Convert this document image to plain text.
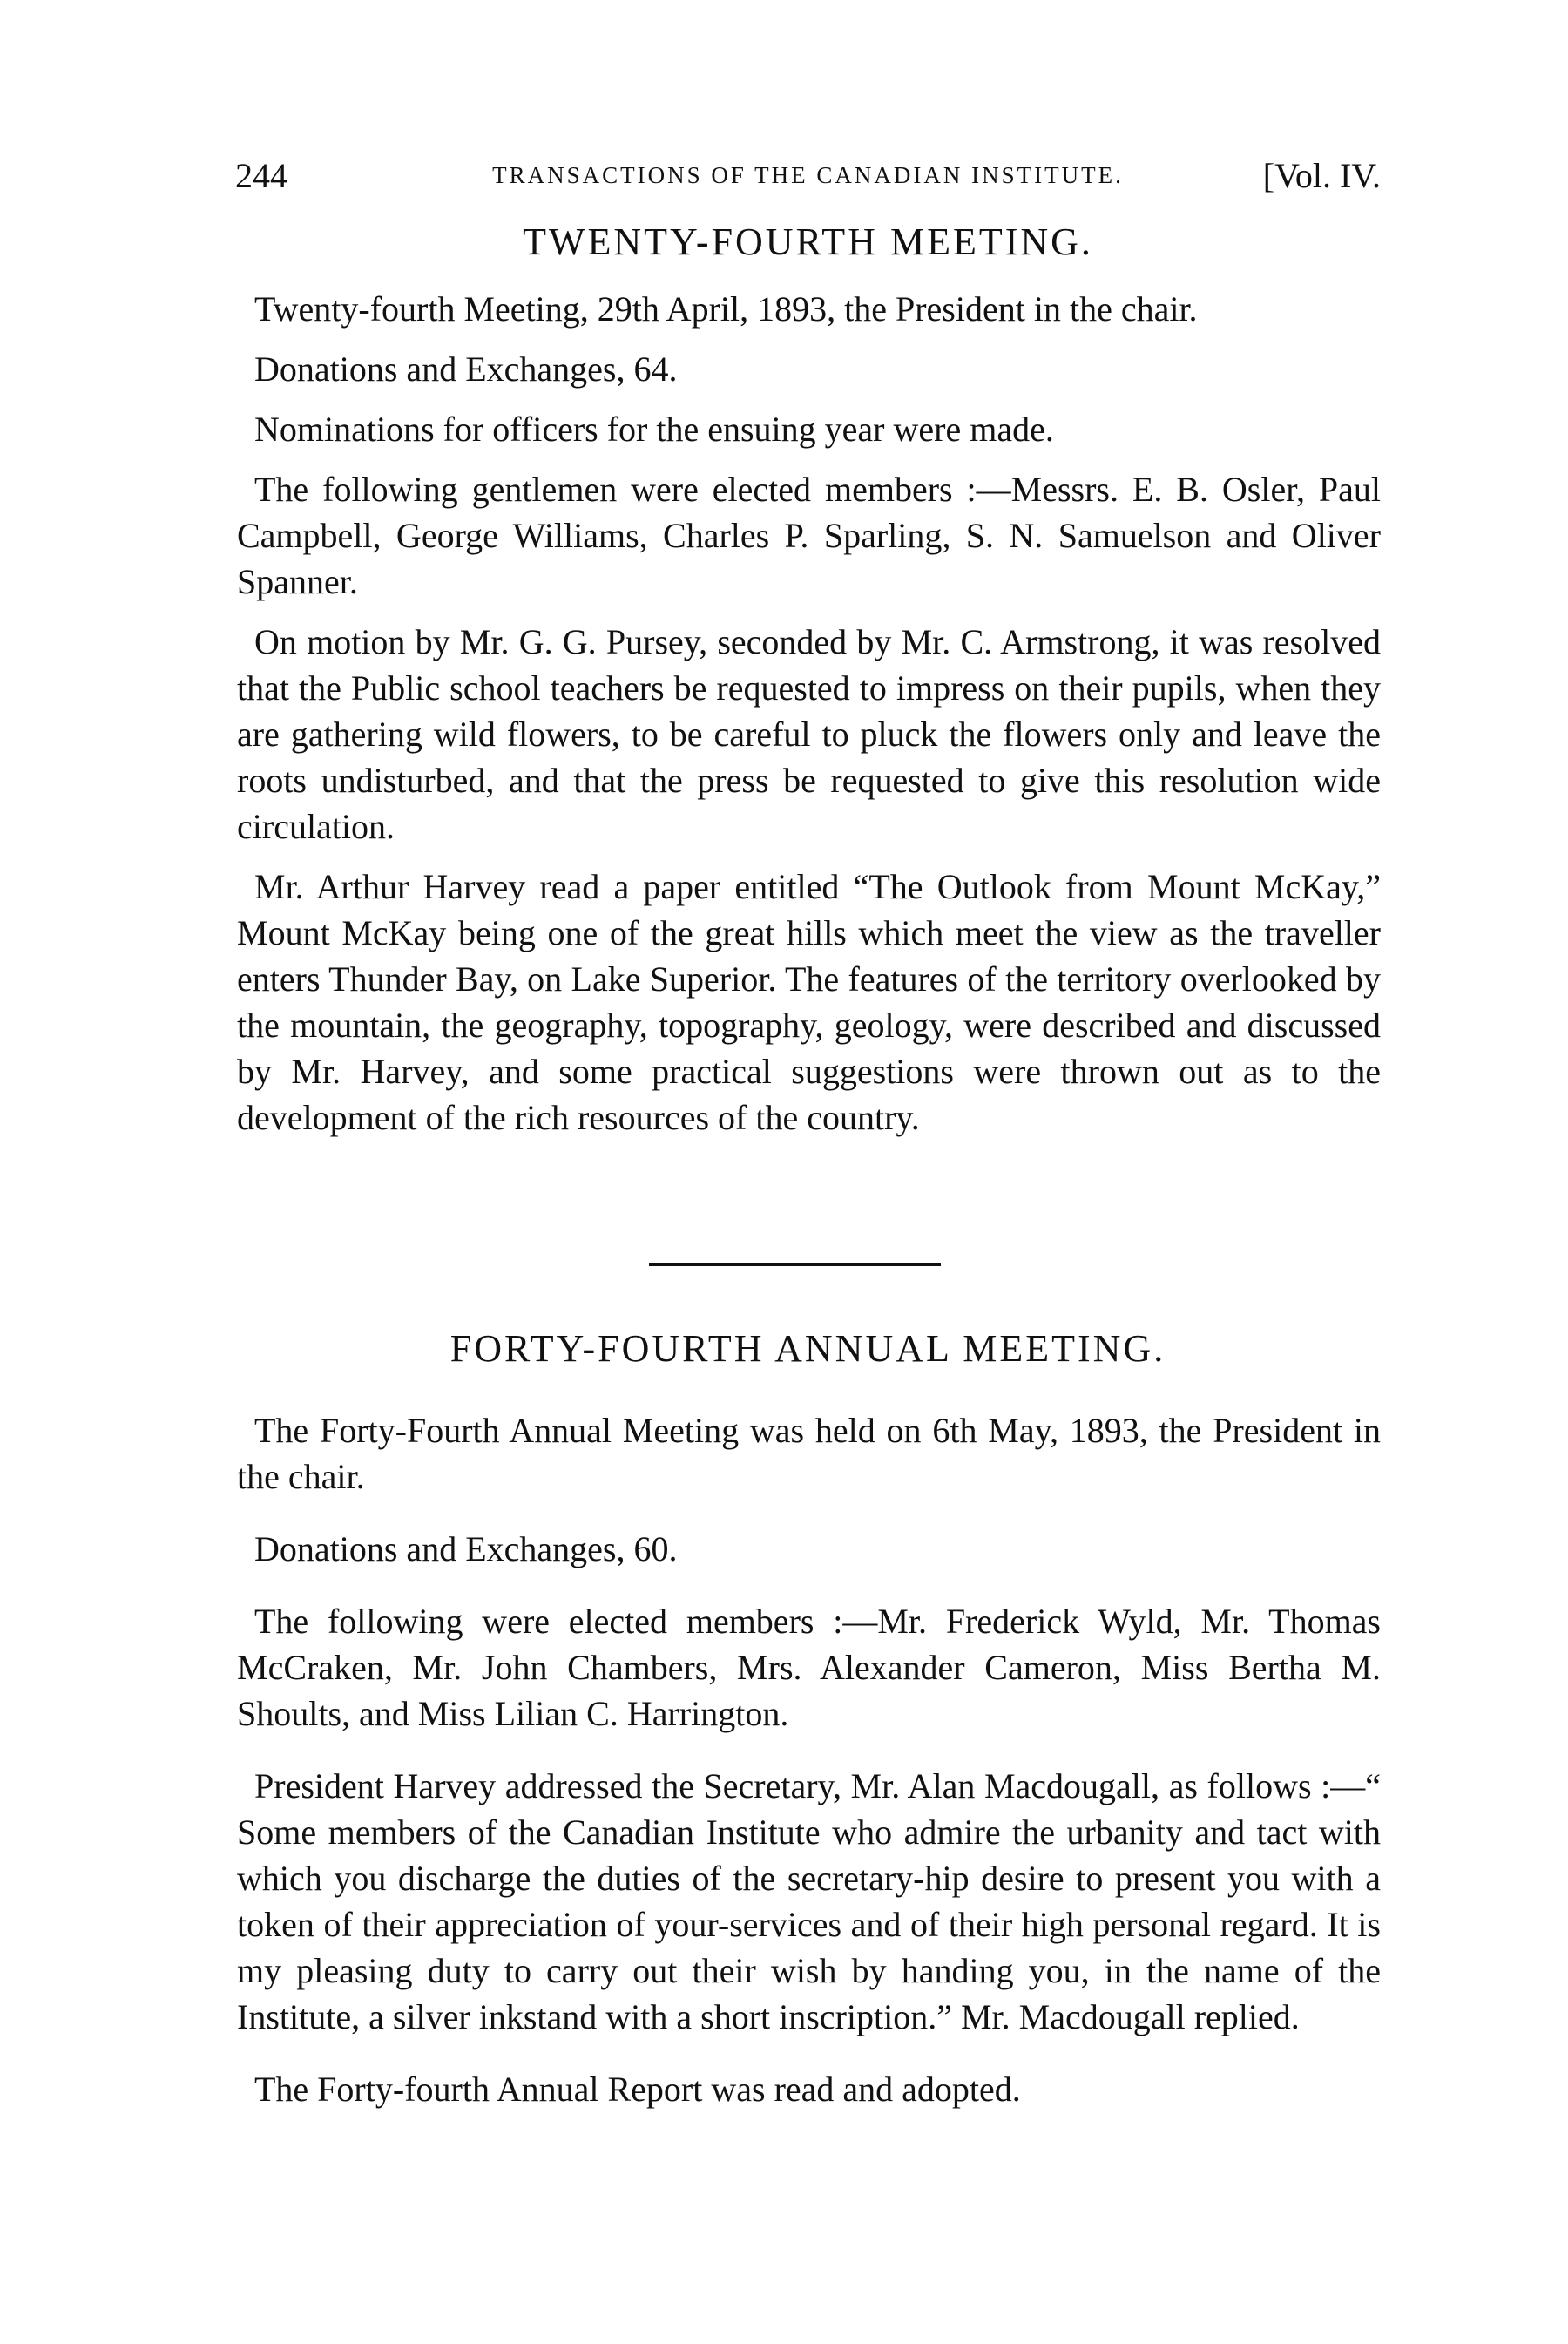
244	TRANSACTIONS OF THE CANADIAN INSTITUTE.	[Vol. IV.
TWENTY-FOURTH MEETING.

Twenty-fourth Meeting, 29th April, 1893, the President in the chair.

Donations and Exchanges, 64.

Nominations for officers for the ensuing year were made.

The following gentlemen were elected members :—Messrs. E. B. Osler, Paul Campbell, George Williams, Charles P. Sparling, S. N. Samuelson and Oliver Spanner.

On motion by Mr. G. G. Pursey, seconded by Mr. C. Armstrong, it was resolved that the Public school teachers be requested to impress on their pupils, when they are gathering wild flowers, to be careful to pluck the flowers only and leave the roots undisturbed, and that the press be requested to give this resolution wide circulation.

Mr. Arthur Harvey read a paper entitled “The Outlook from Mount McKay,” Mount McKay being one of the great hills which meet the view as the traveller enters Thunder Bay, on Lake Superior. The features of the territory overlooked by the mountain, the geography, topography, geology, were described and discussed by Mr. Harvey, and some practical suggestions were thrown out as to the development of the rich resources of the country.

FORTY-FOURTH ANNUAL MEETING.

The Forty-Fourth Annual Meeting was held on 6th May, 1893, the President in the chair.

Donations and Exchanges, 60.

The following were elected members :—Mr. Frederick Wyld, Mr. Thomas McCraken, Mr. John Chambers, Mrs. Alexander Cameron, Miss Bertha M. Shoults, and Miss Lilian C. Harrington.

President Harvey addressed the Secretary, Mr. Alan Macdougall, as follows :—“ Some members of the Canadian Institute who admire the urbanity and tact with which you discharge the duties of the secretary-hip desire to present you with a token of their appreciation of your-services and of their high personal regard. It is my pleasing duty to carry out their wish by handing you, in the name of the Institute, a silver inkstand with a short inscription.” Mr. Macdougall replied.

The Forty-fourth Annual Report was read and adopted.
